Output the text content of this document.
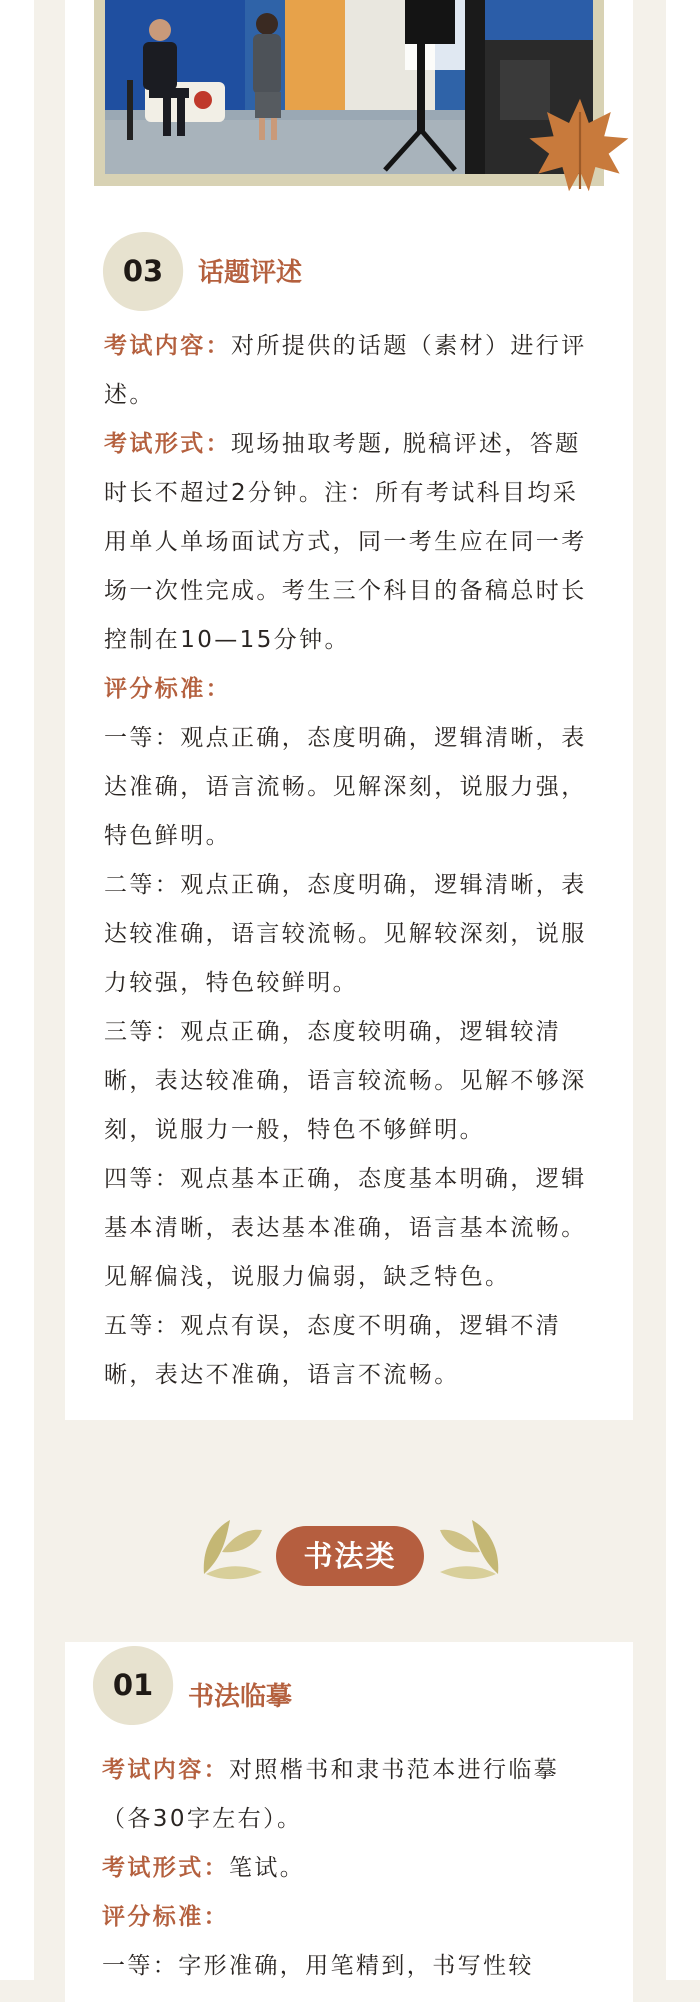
03	话题评述

考试内容：对所提供的话题（素材）进行评述。

考试形式：现场抽取考题, 脱稿评述，答题时长不超过2分钟。注：所有考试科目均采用单人单场面试方式，同一考生应在同一考场一次性完成。考生三个科目的备稿总时长控制在10—15分钟。

评分标准：

一等：观点正确，态度明确，逻辑清晰，表达准确，语言流畅。见解深刻，说服力强，特色鲜明。

二等：观点正确，态度明确，逻辑清晰，表达较准确，语言较流畅。见解较深刻，说服力较强，特色较鲜明。

三等：观点正确，态度较明确，逻辑较清晰，表达较准确，语言较流畅。见解不够深刻，说服力一般，特色不够鲜明。

四等：观点基本正确，态度基本明确，逻辑基本清晰，表达基本准确，语言基本流畅。见解偏浅，说服力偏弱，缺乏特色。

五等：观点有误，态度不明确，逻辑不清晰，表达不准确，语言不流畅。

书法类
01	书法临摹

考试内容：对照楷书和隶书范本进行临摹（各30字左右）。

考试形式：笔试。

评分标准：

一等：字形准确，用笔精到，书写性较
